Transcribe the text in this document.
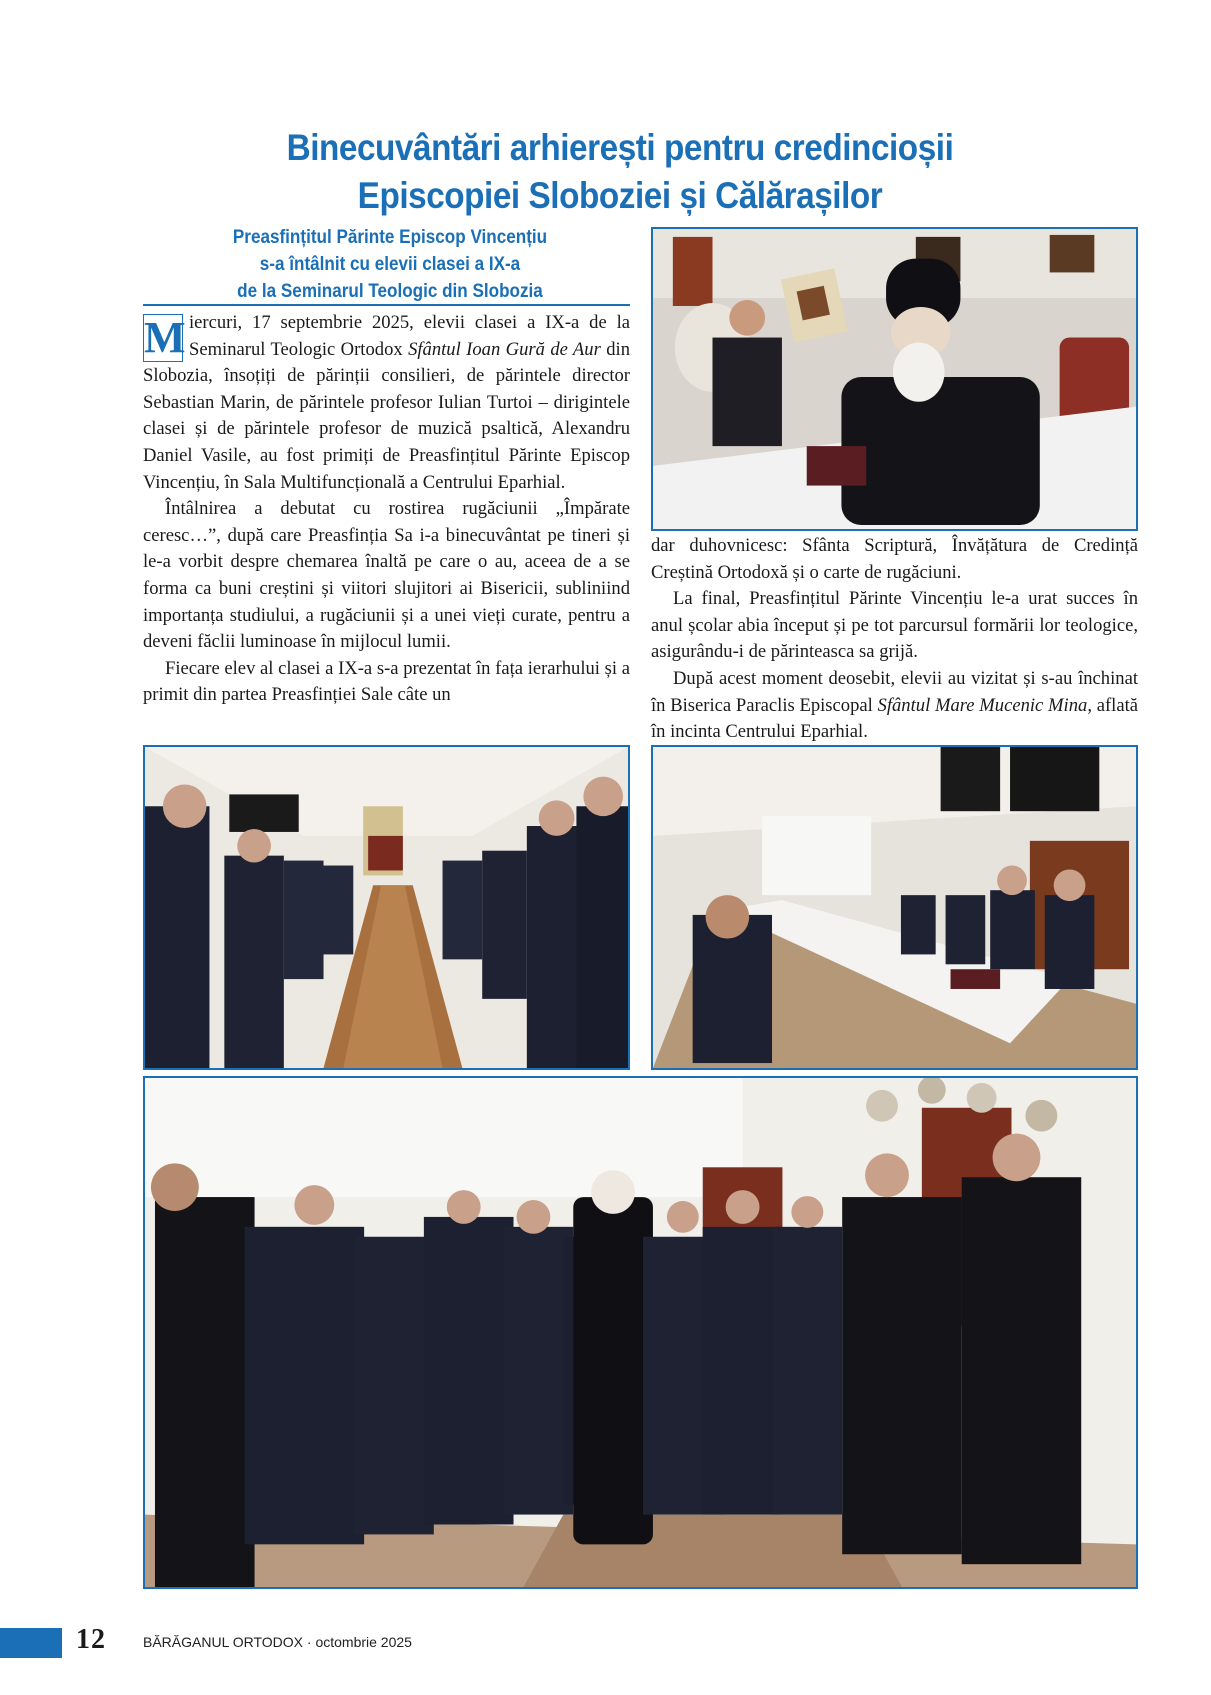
Binecuvântări arhierești pentru credincioșii
Episcopiei Sloboziei și Călărașilor
Preasfințitul Părinte Episcop Vincențiu
s-a întâlnit cu elevii clasei a IX-a
de la Seminarul Teologic din Slobozia

M iercuri, 17 septembrie 2025, elevii clasei a IX-a de la Seminarul Teologic Ortodox Sfântul Ioan Gură de Aur din Slobozia, însoțiți de părinții consilieri, de părintele director Sebastian Marin, de părintele profesor Iulian Turtoi – dirigintele clasei și de părintele profesor de muzică psaltică, Alexandru Daniel Vasile, au fost primiți de Preasfințitul Părinte Episcop Vincențiu, în Sala Multifuncțională a Centrului Eparhial.

Întâlnirea a debutat cu rostirea rugăciunii „Împărate ceresc…”, după care Preasfinția Sa i-a binecuvântat pe tineri și le-a vorbit despre chemarea înaltă pe care o au, aceea de a se forma ca buni creștini și viitori slujitori ai Bisericii, subliniind importanța studiului, a rugăciunii și a unei vieți curate, pentru a deveni făclii luminoase în mijlocul lumii.

Fiecare elev al clasei a IX-a s-a prezentat în fața ierarhului și a primit din partea Preasfinției Sale câte un

dar duhovnicesc: Sfânta Scriptură, Învățătura de Credință Creștină Ortodoxă și o carte de rugăciuni.

La final, Preasfințitul Părinte Vincențiu le-a urat succes în anul școlar abia început și pe tot parcursul formării lor teologice, asigurându-i de părinteasca sa grijă.

După acest moment deosebit, elevii au vizitat și s-au închinat în Biserica Paraclis Episcopal Sfântul Mare Mucenic Mina, aflată în incinta Centrului Eparhial.

12	BĂRĂGANUL ORTODOX · octombrie 2025
